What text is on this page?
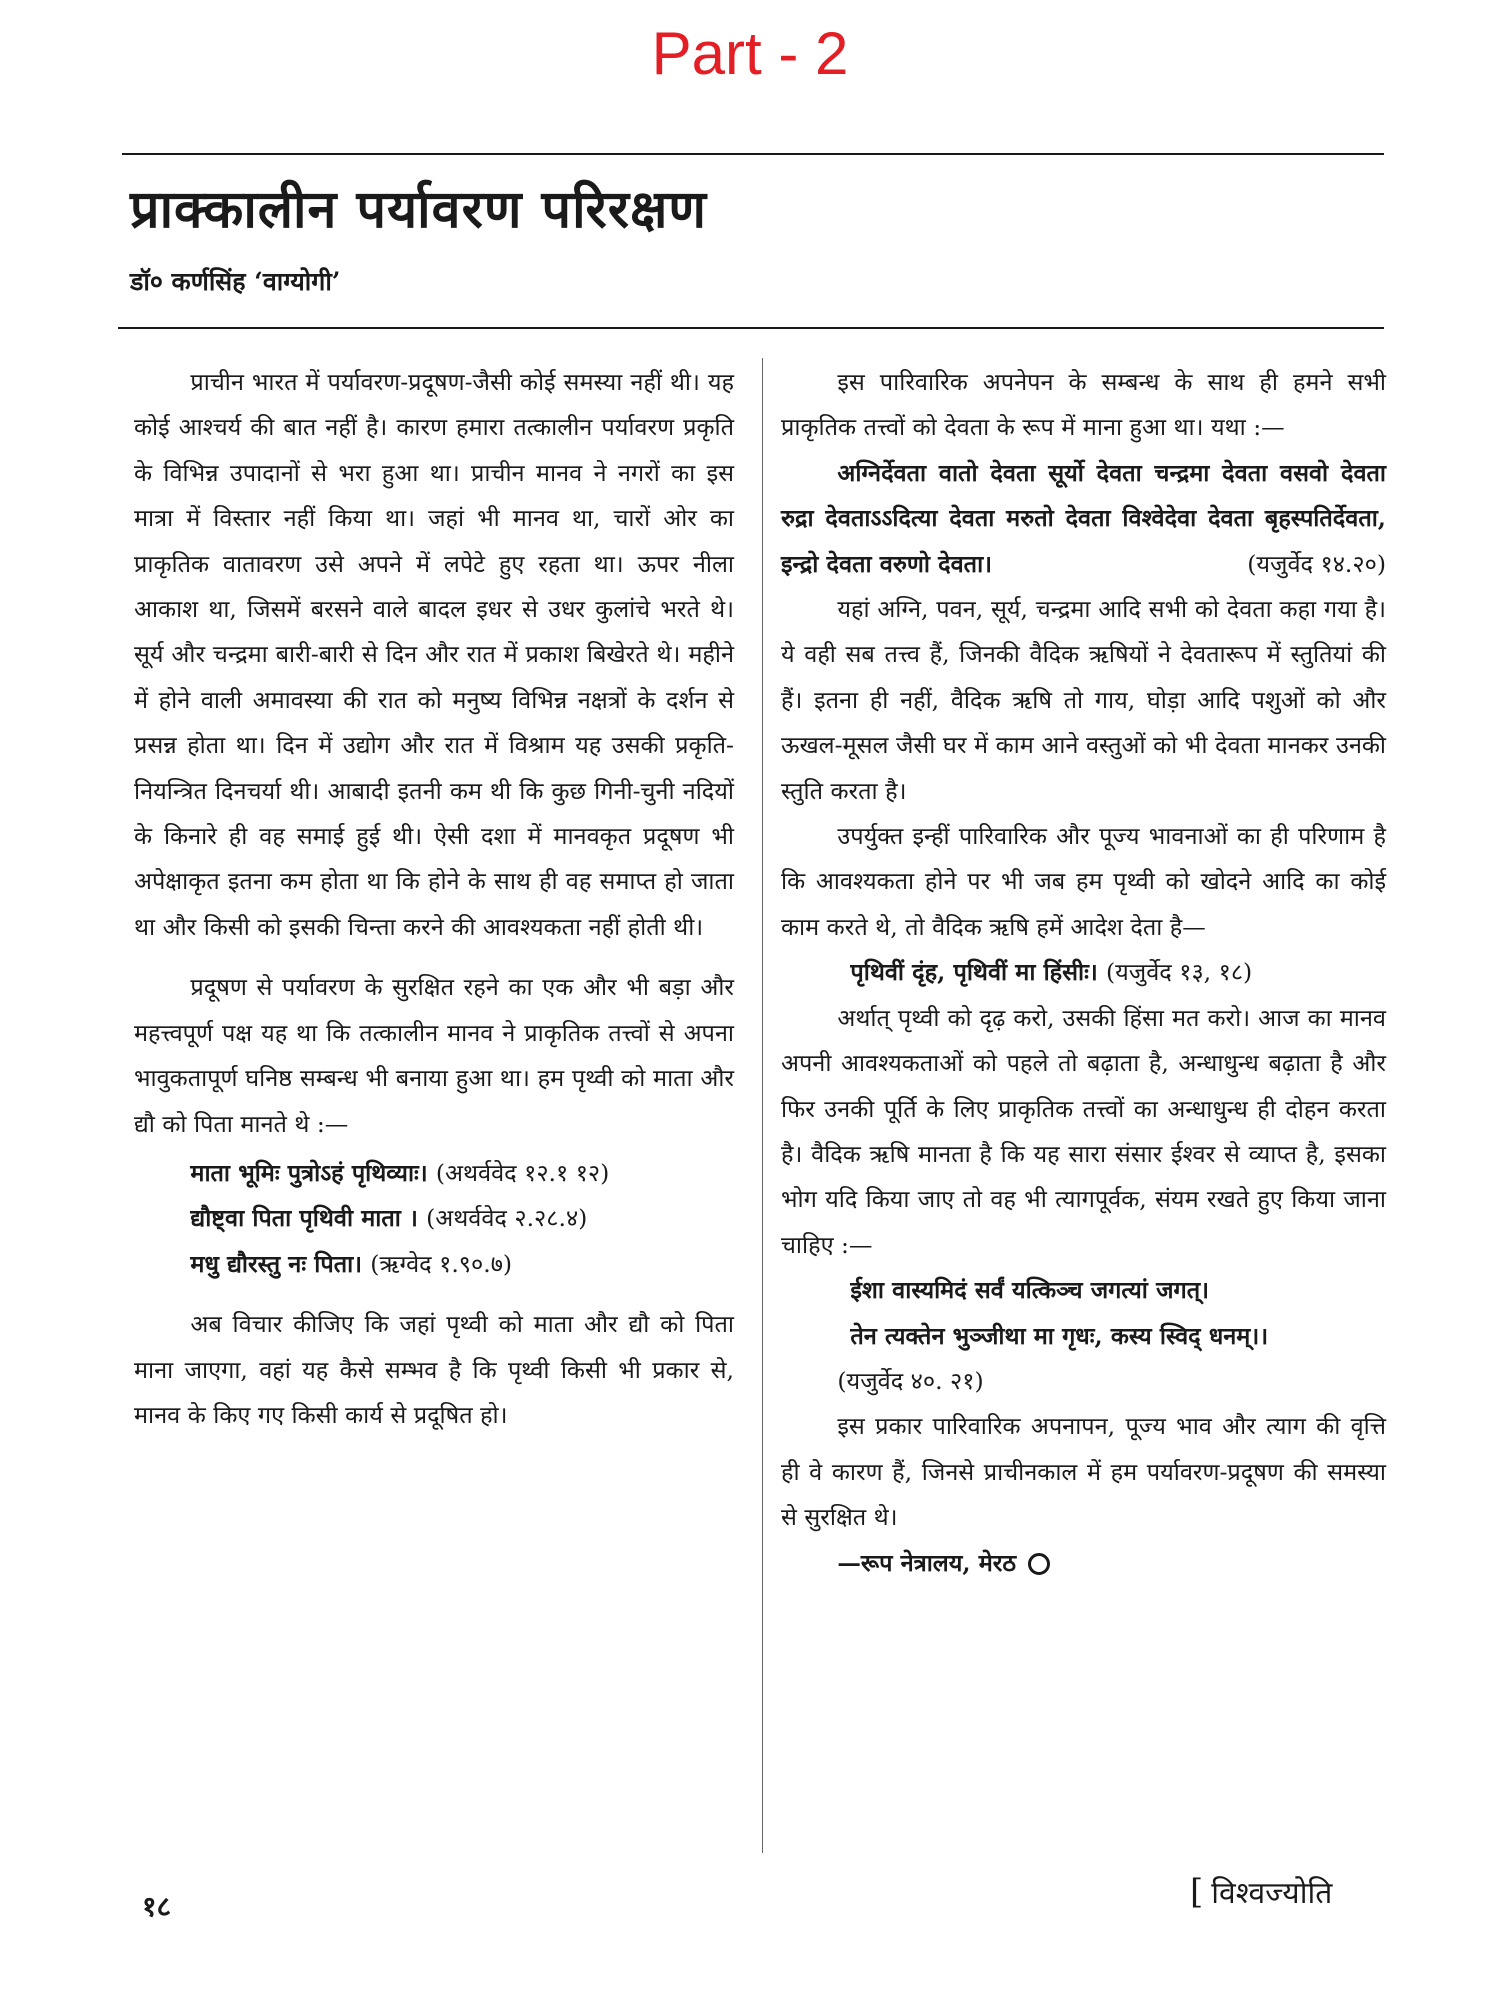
Part - 2
प्राक्कालीन पर्यावरण परिरक्षण
डॉ० कर्णसिंह ‘वाग्योगी’

प्राचीन भारत में पर्यावरण-प्रदूषण-जैसी कोई समस्या नहीं थी। यह कोई आश्चर्य की बात नहीं है। कारण हमारा तत्कालीन पर्यावरण प्रकृति के विभिन्न उपादानों से भरा हुआ था। प्राचीन मानव ने नगरों का इस मात्रा में विस्तार नहीं किया था। जहां भी मानव था, चारों ओर का प्राकृतिक वातावरण उसे अपने में लपेटे हुए रहता था। ऊपर नीला आकाश था, जिसमें बरसने वाले बादल इधर से उधर कुलांचे भरते थे। सूर्य और चन्द्रमा बारी-बारी से दिन और रात में प्रकाश बिखेरते थे। महीने में होने वाली अमावस्या की रात को मनुष्य विभिन्न नक्षत्रों के दर्शन से प्रसन्न होता था। दिन में उद्योग और रात में विश्राम यह उसकी प्रकृति-नियन्त्रित दिनचर्या थी। आबादी इतनी कम थी कि कुछ गिनी-चुनी नदियों के किनारे ही वह समाई हुई थी। ऐसी दशा में मानवकृत प्रदूषण भी अपेक्षाकृत इतना कम होता था कि होने के साथ ही वह समाप्त हो जाता था और किसी को इसकी चिन्ता करने की आवश्यकता नहीं होती थी।

प्रदूषण से पर्यावरण के सुरक्षित रहने का एक और भी बड़ा और महत्त्वपूर्ण पक्ष यह था कि तत्कालीन मानव ने प्राकृतिक तत्त्वों से अपना भावुकतापूर्ण घनिष्ठ सम्बन्ध भी बनाया हुआ था। हम पृथ्वी को माता और द्यौ को पिता मानते थे :—

माता भूमिः पुत्रोऽहं पृथिव्याः। (अथर्ववेद १२.१ १२)

द्यौष्ट्वा पिता पृथिवी माता । (अथर्ववेद २.२८.४)

मधु द्यौरस्तु नः पिता। (ऋग्वेद १.९०.७)

अब विचार कीजिए कि जहां पृथ्वी को माता और द्यौ को पिता माना जाएगा, वहां यह कैसे सम्भव है कि पृथ्वी किसी भी प्रकार से, मानव के किए गए किसी कार्य से प्रदूषित हो।

इस पारिवारिक अपनेपन के सम्बन्ध के साथ ही हमने सभी प्राकृतिक तत्त्वों को देवता के रूप में माना हुआ था। यथा :—

अग्निर्देवता वातो देवता सूर्यो देवता चन्द्रमा देवता वसवो देवता रुद्रा देवताऽऽदित्या देवता मरुतो देवता विश्वेदेवा देवता बृहस्पतिर्देवता, इन्द्रो देवता वरुणो देवता।	(यजुर्वेद १४.२०)

यहां अग्नि, पवन, सूर्य, चन्द्रमा आदि सभी को देवता कहा गया है। ये वही सब तत्त्व हैं, जिनकी वैदिक ऋषियों ने देवतारूप में स्तुतियां की हैं। इतना ही नहीं, वैदिक ऋषि तो गाय, घोड़ा आदि पशुओं को और ऊखल-मूसल जैसी घर में काम आने वस्तुओं को भी देवता मानकर उनकी स्तुति करता है।

उपर्युक्त इन्हीं पारिवारिक और पूज्य भावनाओं का ही परिणाम है कि आवश्यकता होने पर भी जब हम पृथ्वी को खोदने आदि का कोई काम करते थे, तो वैदिक ऋषि हमें आदेश देता है—

पृथिवीं दृंह, पृथिवीं मा हिंसीः। (यजुर्वेद १३, १८)

अर्थात् पृथ्वी को दृढ़ करो, उसकी हिंसा मत करो। आज का मानव अपनी आवश्यकताओं को पहले तो बढ़ाता है, अन्धाधुन्ध बढ़ाता है और फिर उनकी पूर्ति के लिए प्राकृतिक तत्त्वों का अन्धाधुन्ध ही दोहन करता है। वैदिक ऋषि मानता है कि यह सारा संसार ईश्वर से व्याप्त है, इसका भोग यदि किया जाए तो वह भी त्यागपूर्वक, संयम रखते हुए किया जाना चाहिए :—

ईशा वास्यमिदं सर्वं यत्किञ्च जगत्यां जगत्।

तेन त्यक्तेन भुञ्जीथा मा गृधः, कस्य स्विद् धनम्।।

(यजुर्वेद ४०. २१)

इस प्रकार पारिवारिक अपनापन, पूज्य भाव और त्याग की वृत्ति ही वे कारण हैं, जिनसे प्राचीनकाल में हम पर्यावरण-प्रदूषण की समस्या से सुरक्षित थे।

—रूप नेत्रालय, मेरठ

१८	[ विश्वज्योति
